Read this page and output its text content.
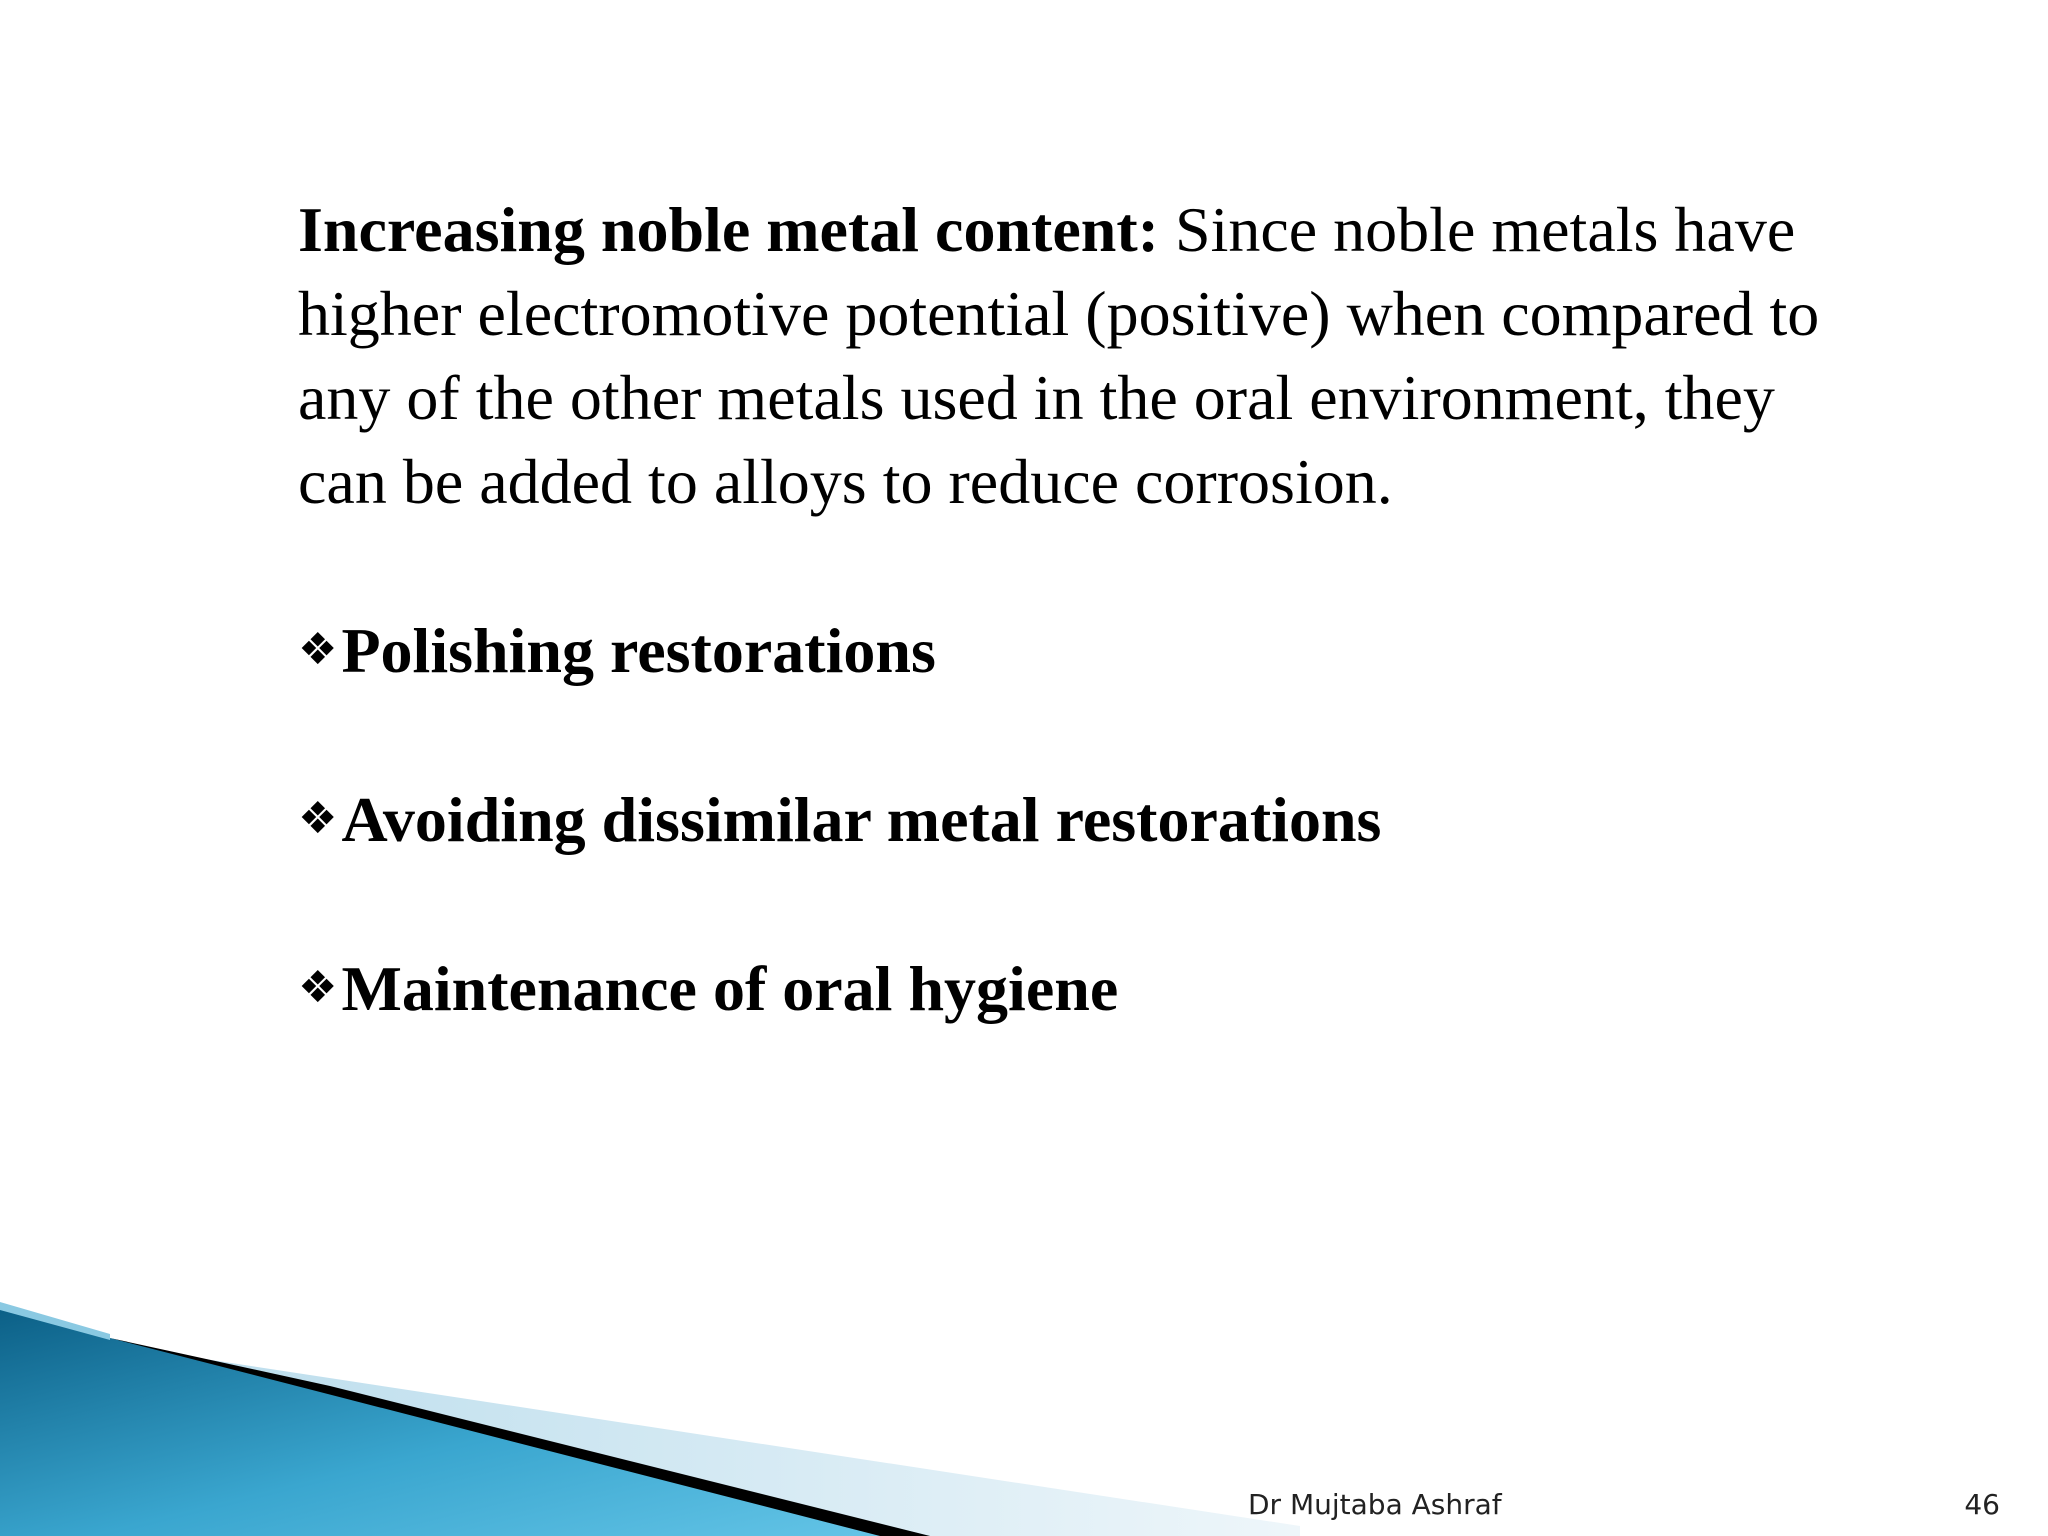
Increasing noble metal content: Since noble metals have higher electromotive potential (positive) when compared to any of the other metals used in the oral environment, they can be added to alloys to reduce corrosion.

❖Polishing restorations

❖Avoiding dissimilar metal restorations

❖Maintenance of oral hygiene

Dr Mujtaba Ashraf	46
